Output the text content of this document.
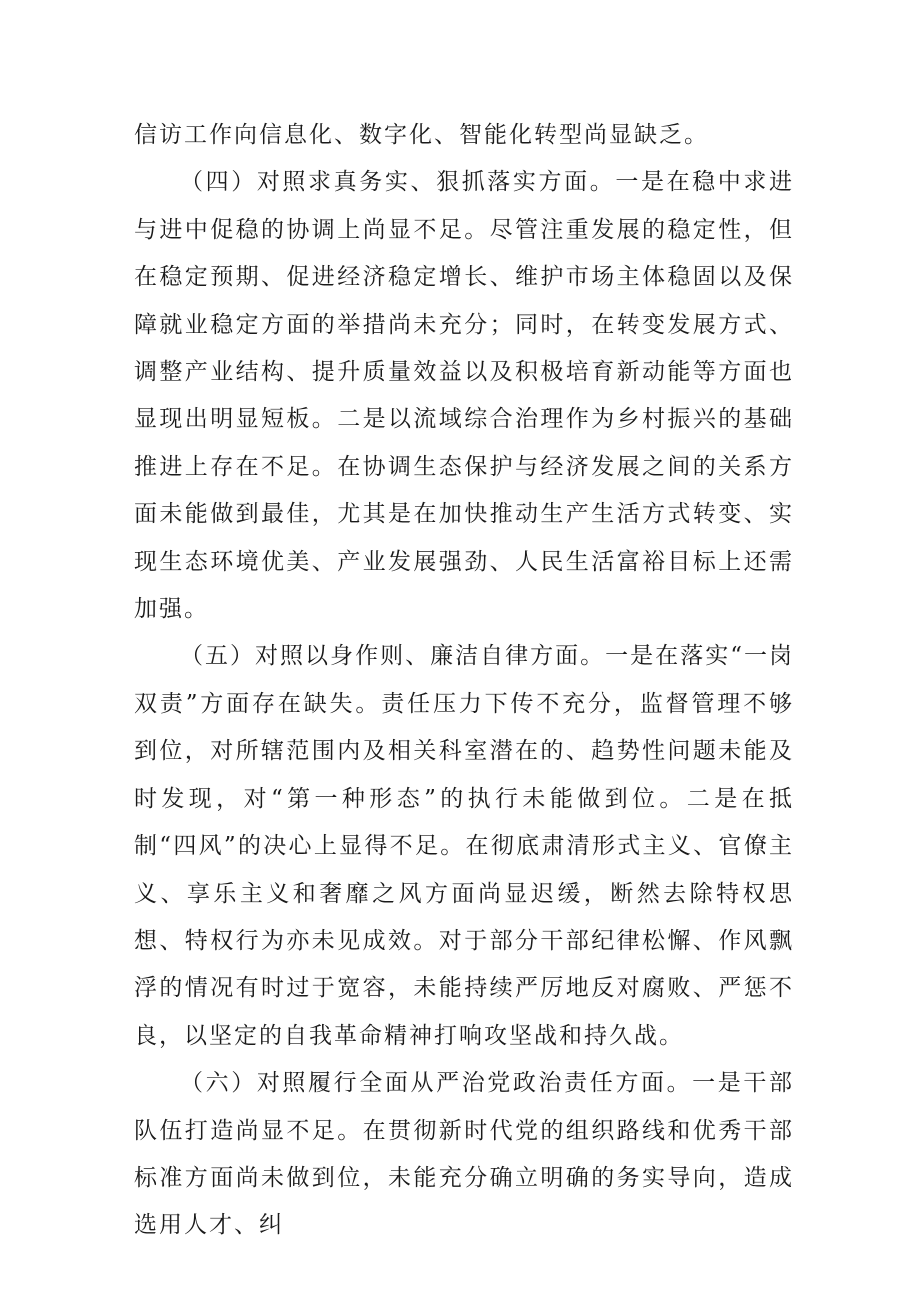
信访工作向信息化、数字化、智能化转型尚显缺乏。

（四）对照求真务实、狠抓落实方面。一是在稳中求进与进中促稳的协调上尚显不足。尽管注重发展的稳定性，但在稳定预期、促进经济稳定增长、维护市场主体稳固以及保障就业稳定方面的举措尚未充分；同时，在转变发展方式、调整产业结构、提升质量效益以及积极培育新动能等方面也显现出明显短板。二是以流域综合治理作为乡村振兴的基础推进上存在不足。在协调生态保护与经济发展之间的关系方面未能做到最佳，尤其是在加快推动生产生活方式转变、实现生态环境优美、产业发展强劲、人民生活富裕目标上还需加强。

（五）对照以身作则、廉洁自律方面。一是在落实“一岗双责”方面存在缺失。责任压力下传不充分，监督管理不够到位，对所辖范围内及相关科室潜在的、趋势性问题未能及时发现，对“第一种形态”的执行未能做到位。二是在抵制“四风”的决心上显得不足。在彻底肃清形式主义、官僚主义、享乐主义和奢靡之风方面尚显迟缓，断然去除特权思想、特权行为亦未见成效。对于部分干部纪律松懈、作风飘浮的情况有时过于宽容，未能持续严厉地反对腐败、严惩不良，以坚定的自我革命精神打响攻坚战和持久战。

（六）对照履行全面从严治党政治责任方面。一是干部队伍打造尚显不足。在贯彻新时代党的组织路线和优秀干部标准方面尚未做到位，未能充分确立明确的务实导向，造成选用人才、纠
